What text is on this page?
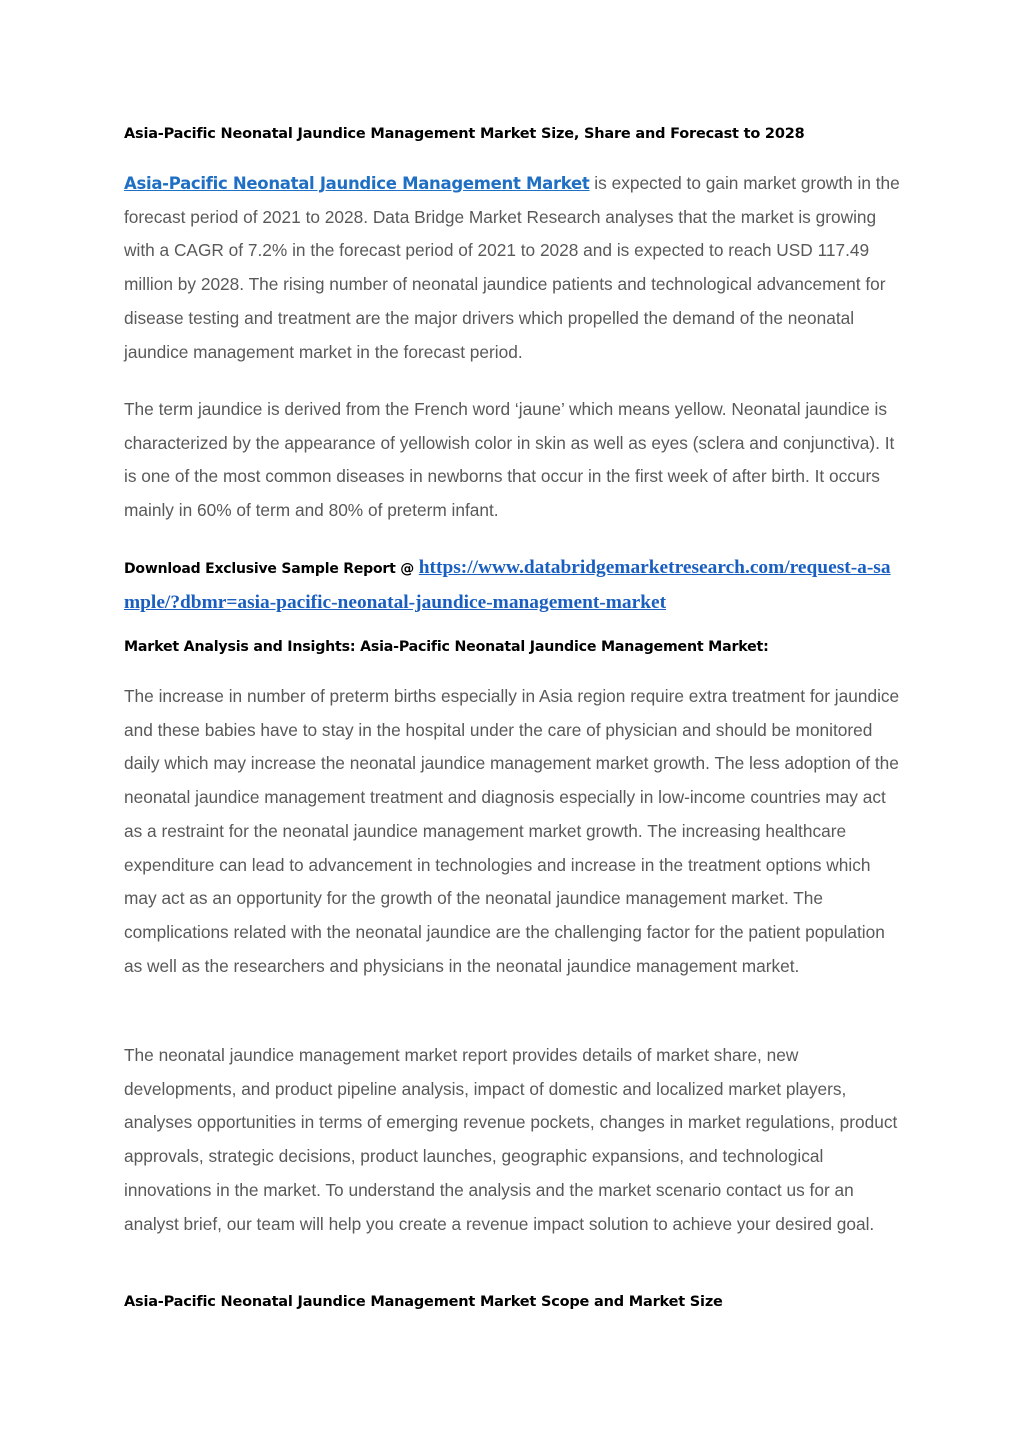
Asia-Pacific Neonatal Jaundice Management Market Size, Share and Forecast to 2028

Asia-Pacific Neonatal Jaundice Management Market is expected to gain market growth in the forecast period of 2021 to 2028. Data Bridge Market Research analyses that the market is growing with a CAGR of 7.2% in the forecast period of 2021 to 2028 and is expected to reach USD 117.49 million by 2028. The rising number of neonatal jaundice patients and technological advancement for disease testing and treatment are the major drivers which propelled the demand of the neonatal jaundice management market in the forecast period.

The term jaundice is derived from the French word ‘jaune’ which means yellow. Neonatal jaundice is characterized by the appearance of yellowish color in skin as well as eyes (sclera and conjunctiva). It is one of the most common diseases in newborns that occur in the first week of after birth. It occurs mainly in 60% of term and 80% of preterm infant.

Download Exclusive Sample Report @ https://www.databridgemarketresearch.com/request-a-sample/?dbmr=asia-pacific-neonatal-jaundice-management-market

Market Analysis and Insights: Asia-Pacific Neonatal Jaundice Management Market:

The increase in number of preterm births especially in Asia region require extra treatment for jaundice and these babies have to stay in the hospital under the care of physician and should be monitored daily which may increase the neonatal jaundice management market growth. The less adoption of the neonatal jaundice management treatment and diagnosis especially in low-income countries may act as a restraint for the neonatal jaundice management market growth. The increasing healthcare expenditure can lead to advancement in technologies and increase in the treatment options which may act as an opportunity for the growth of the neonatal jaundice management market. The complications related with the neonatal jaundice are the challenging factor for the patient population as well as the researchers and physicians in the neonatal jaundice management market.

The neonatal jaundice management market report provides details of market share, new developments, and product pipeline analysis, impact of domestic and localized market players, analyses opportunities in terms of emerging revenue pockets, changes in market regulations, product approvals, strategic decisions, product launches, geographic expansions, and technological innovations in the market. To understand the analysis and the market scenario contact us for an analyst brief, our team will help you create a revenue impact solution to achieve your desired goal.

Asia-Pacific Neonatal Jaundice Management Market Scope and Market Size
